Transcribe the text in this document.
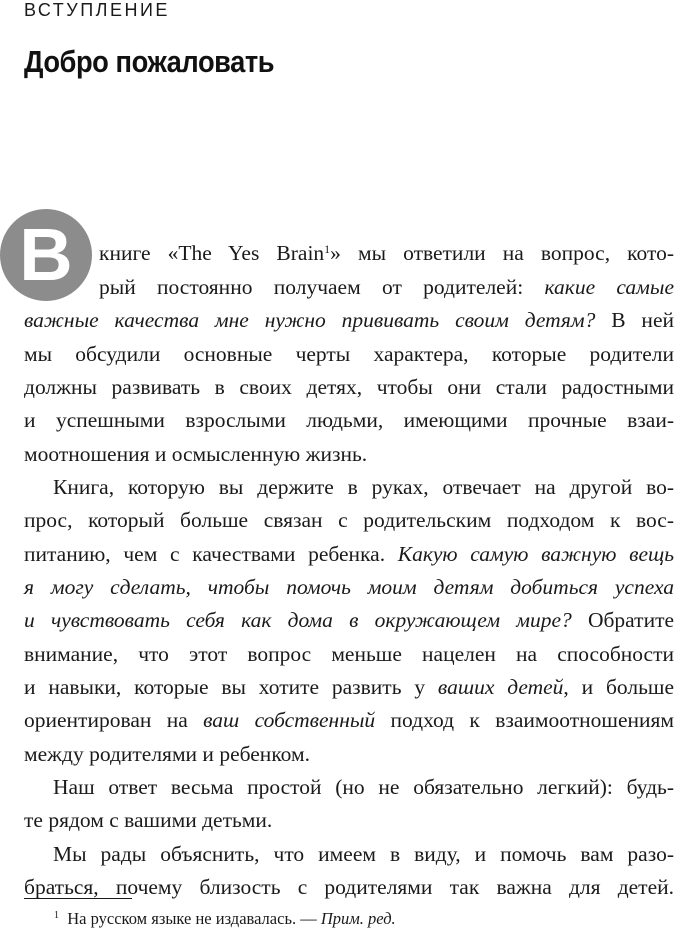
ВСТУПЛЕНИЕ
Добро пожаловать
В	книге «The Yes Brain$^1$» мы ответили на вопрос, кото-
рый постоянно получаем от родителей: какие самые
важные качества мне нужно прививать своим детям? В ней
мы обсудили основные черты характера, которые родители
должны развивать в своих детях, чтобы они стали радостными
и успешными взрослыми людьми, имеющими прочные взаи-
моотношения и осмысленную жизнь.
Книга, которую вы держите в руках, отвечает на другой во-
прос, который больше связан с родительским подходом к вос-
питанию, чем с качествами ребенка. Какую самую важную вещь
я могу сделать, чтобы помочь моим детям добиться успеха
и чувствовать себя как дома в окружающем мире? Обратите
внимание, что этот вопрос меньше нацелен на способности
и навыки, которые вы хотите развить у ваших детей, и больше
ориентирован на ваш собственный подход к взаимоотношениям
между родителями и ребенком.
Наш ответ весьма простой (но не обязательно легкий): будь-
те рядом с вашими детьми.
Мы рады объяснить, что имеем в виду, и помочь вам разо-
браться, почему близость с родителями так важна для детей.
$^1$ На русском языке не издавалась. — Прим. ред.
